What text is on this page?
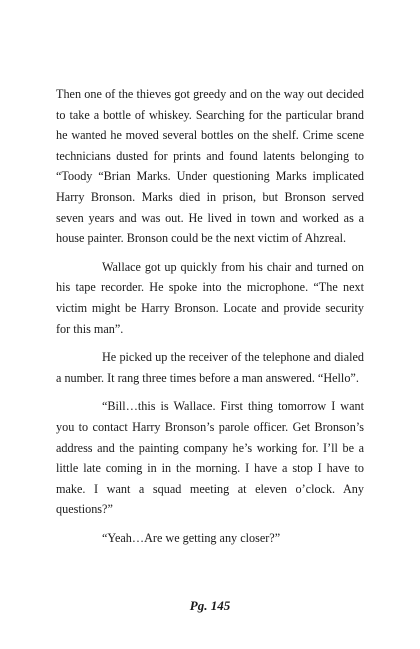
Then one of the thieves got greedy and on the way out decided to take a bottle of whiskey. Searching for the particular brand he wanted he moved several bottles on the shelf. Crime scene technicians dusted for prints and found latents belonging to “Toody “Brian Marks. Under questioning Marks implicated Harry Bronson. Marks died in prison, but Bronson served seven years and was out. He lived in town and worked as a house painter. Bronson could be the next victim of Ahzreal.

Wallace got up quickly from his chair and turned on his tape recorder. He spoke into the microphone. “The next victim might be Harry Bronson. Locate and provide security for this man”.

He picked up the receiver of the telephone and dialed a number. It rang three times before a man answered. “Hello”.

“Bill…this is Wallace. First thing tomorrow I want you to contact Harry Bronson’s parole officer. Get Bronson’s address and the painting company he’s working for. I’ll be a little late coming in in the morning. I have a stop I have to make. I want a squad meeting at eleven o’clock. Any questions?”

“Yeah…Are we getting any closer?”

Pg. 145
